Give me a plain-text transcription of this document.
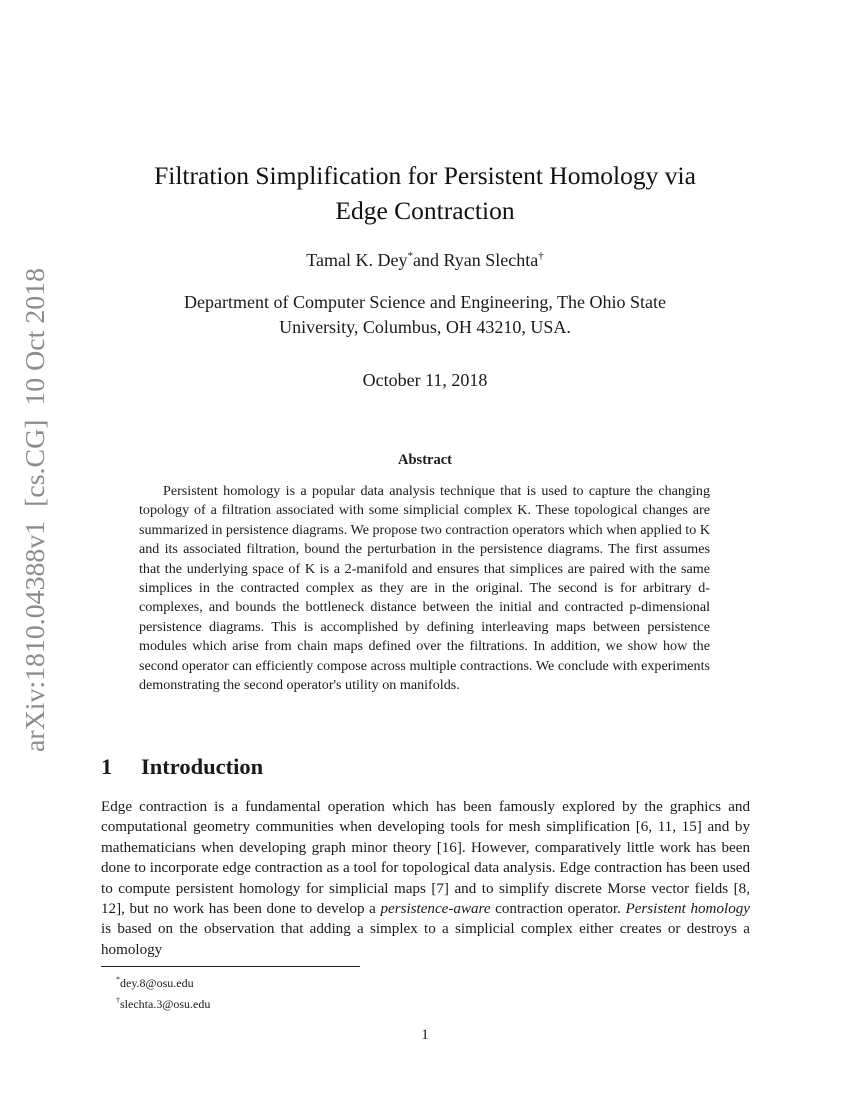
arXiv:1810.04388v1  [cs.CG]  10 Oct 2018
Filtration Simplification for Persistent Homology via
Edge Contraction
Tamal K. Dey*and Ryan Slechta†
Department of Computer Science and Engineering, The Ohio State
University, Columbus, OH 43210, USA.
October 11, 2018
Abstract

Persistent homology is a popular data analysis technique that is used to capture the changing topology of a filtration associated with some simplicial complex K. These topological changes are summarized in persistence diagrams. We propose two contraction operators which when applied to K and its associated filtration, bound the perturbation in the persistence diagrams. The first assumes that the underlying space of K is a 2-manifold and ensures that simplices are paired with the same simplices in the contracted complex as they are in the original. The second is for arbitrary d-complexes, and bounds the bottleneck distance between the initial and contracted p-dimensional persistence diagrams. This is accomplished by defining interleaving maps between persistence modules which arise from chain maps defined over the filtrations. In addition, we show how the second operator can efficiently compose across multiple contractions. We conclude with experiments demonstrating the second operator's utility on manifolds.

1 Introduction

Edge contraction is a fundamental operation which has been famously explored by the graphics and computational geometry communities when developing tools for mesh simplification [6, 11, 15] and by mathematicians when developing graph minor theory [16]. However, comparatively little work has been done to incorporate edge contraction as a tool for topological data analysis. Edge contraction has been used to compute persistent homology for simplicial maps [7] and to simplify discrete Morse vector fields [8, 12], but no work has been done to develop a persistence-aware contraction operator. Persistent homology is based on the observation that adding a simplex to a simplicial complex either creates or destroys a homology

*dey.8@osu.edu
†slechta.3@osu.edu
1
